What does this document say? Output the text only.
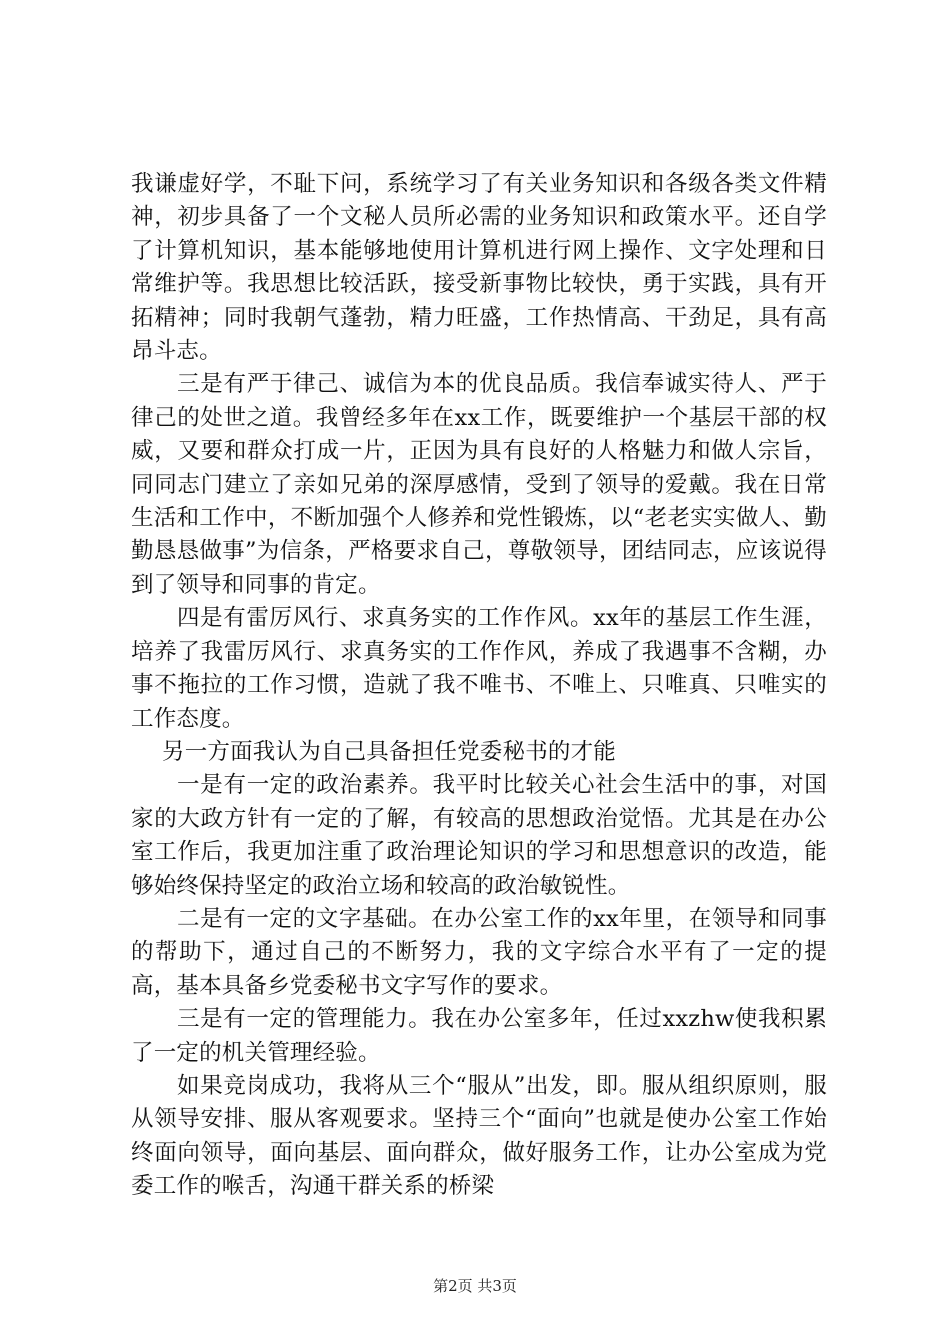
我谦虚好学，不耻下问，系统学习了有关业务知识和各级各类文件精神，初步具备了一个文秘人员所必需的业务知识和政策水平。还自学了计算机知识，基本能够地使用计算机进行网上操作、文字处理和日常维护等。我思想比较活跃，接受新事物比较快，勇于实践，具有开拓精神；同时我朝气蓬勃，精力旺盛，工作热情高、干劲足，具有高昂斗志。

三是有严于律己、诚信为本的优良品质。我信奉诚实待人、严于律己的处世之道。我曾经多年在xx工作，既要维护一个基层干部的权威，又要和群众打成一片，正因为具有良好的人格魅力和做人宗旨，同同志门建立了亲如兄弟的深厚感情，受到了领导的爱戴。我在日常生活和工作中，不断加强个人修养和党性锻炼，以“老老实实做人、勤勤恳恳做事”为信条，严格要求自己，尊敬领导，团结同志，应该说得到了领导和同事的肯定。

四是有雷厉风行、求真务实的工作作风。xx年的基层工作生涯，培养了我雷厉风行、求真务实的工作作风，养成了我遇事不含糊，办事不拖拉的工作习惯，造就了我不唯书、不唯上、只唯真、只唯实的工作态度。

另一方面我认为自己具备担任党委秘书的才能

一是有一定的政治素养。我平时比较关心社会生活中的事，对国家的大政方针有一定的了解，有较高的思想政治觉悟。尤其是在办公室工作后，我更加注重了政治理论知识的学习和思想意识的改造，能够始终保持坚定的政治立场和较高的政治敏锐性。

二是有一定的文字基础。在办公室工作的xx年里，在领导和同事的帮助下，通过自己的不断努力，我的文字综合水平有了一定的提高，基本具备乡党委秘书文字写作的要求。

三是有一定的管理能力。我在办公室多年，任过xxzhw使我积累了一定的机关管理经验。

如果竞岗成功，我将从三个“服从”出发，即。服从组织原则，服从领导安排、服从客观要求。坚持三个“面向”也就是使办公室工作始终面向领导，面向基层、面向群众，做好服务工作，让办公室成为党委工作的喉舌，沟通干群关系的桥梁

第2页 共3页
